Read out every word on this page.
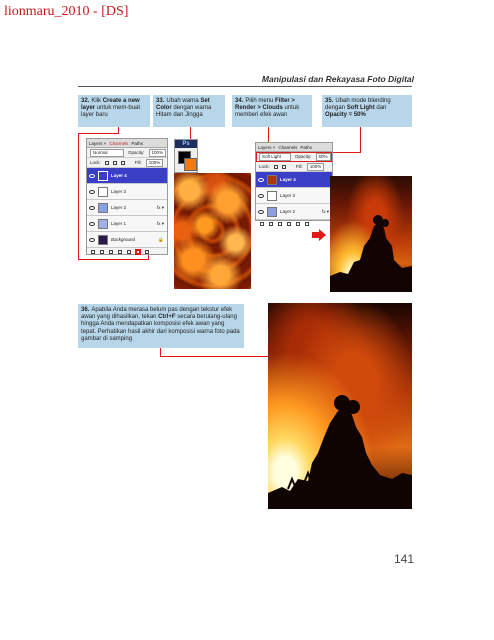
lionmaru_2010 - [DS]
Manipulasi dan Rekayasa Foto Digital
32. Klik Create a new layer untuk mem-buat layer baru
33. Ubah warna Set Color dengan warna Hitam dan Jingga
34. Pilih menu Filter > Render > Clouds untuk memberi efek awan
35. Ubah mode blending dengan Soft Light dan Opacity = 50%
Layers × Channels Paths
Normal	Opacity:	100%
Lock:	Fill:	100%
Layer 4
Layer 3
Layer 2	fx ▾
Layer 1	fx ▾
Background	🔒
Ps	Layers × Channels Paths
Soft Light	Opacity:	50%
Lock:	Fill:	100%
Layer 4
Layer 3
Layer 2	fx ▾
36. Apabila Anda merasa belum pas dengan tekstur efek awan yang dihasilkan, tekan Ctrl+F secara berulang-ulang hingga Anda mendapatkan komposisi efek awan yang tepat. Perhatikan hasil akhir dari komposisi warna foto pada gambar di samping
141
